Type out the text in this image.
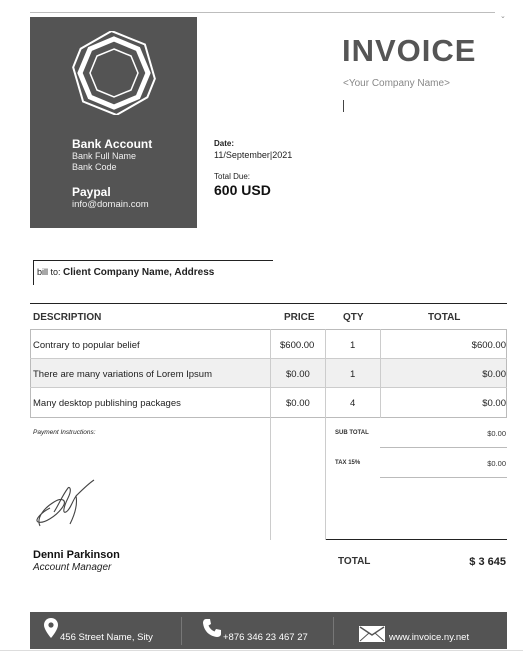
⌄
Bank Account
Bank Full Name
Bank Code
Paypal
info@domain.com
INVOICE
<Your Company Name>
Date:
11/September|2021
Total Due:
600 USD
bill to: Client Company Name, Address
DESCRIPTION	PRICE	QTY	TOTAL
Contrary to popular belief	$600.00	1	$600.00
There are many variations of Lorem Ipsum	$0.00	1	$0.00
Many desktop publishing packages	$0.00	4	$0.00
Payment Instructions:	SUB TOTAL	$0.00
TAX 15%	$0.00
TOTAL	$ 3 645
Denni Parkinson
Account Manager
456 Street Name, Sity	+876 346 23 467 27	www.invoice.ny.net
